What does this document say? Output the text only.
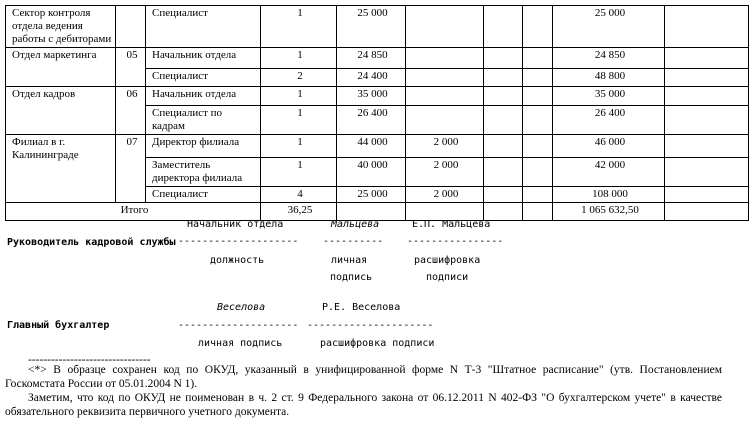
Сектор контроля отдела ведения работы с дебиторами		Специалист	1	25 000				25 000	
Отдел маркетинга	05	Начальник отдела	1	24 850				24 850	
		Специалист	2	24 400				48 800	
Отдел кадров	06	Начальник отдела	1	35 000				35 000	
		Специалист по кадрам	1	26 400				26 400	
Филиал в г. Калининграде	07	Директор филиала	1	44 000	2 000			46 000	
		Заместитель директора филиала	1	40 000	2 000			42 000	
		Специалист	4	25 000	2 000			108 000	
Итого			36,25					1 065 632,50	
Начальник отдела	Мальцева	Е.П. Мальцева
Руководитель кадровой службы -------------------- ---------- ----------------
должность	личная	расшифровка
подпись	подписи
Веселова	Р.Е. Веселова
Главный бухгалтер	-------------------- ---------------------
личная подпись	расшифровка подписи
--------------------------------
<*> В образце сохранен код по ОКУД, указанный в унифицированной форме N Т-3 "Штатное расписание" (утв. Постановлением
Госкомстата России от 05.01.2004 N 1).
Заметим, что код по ОКУД не поименован в ч. 2 ст. 9 Федерального закона от 06.12.2011 N 402-ФЗ "О бухгалтерском учете" в качестве
обязательного реквизита первичного учетного документа.
